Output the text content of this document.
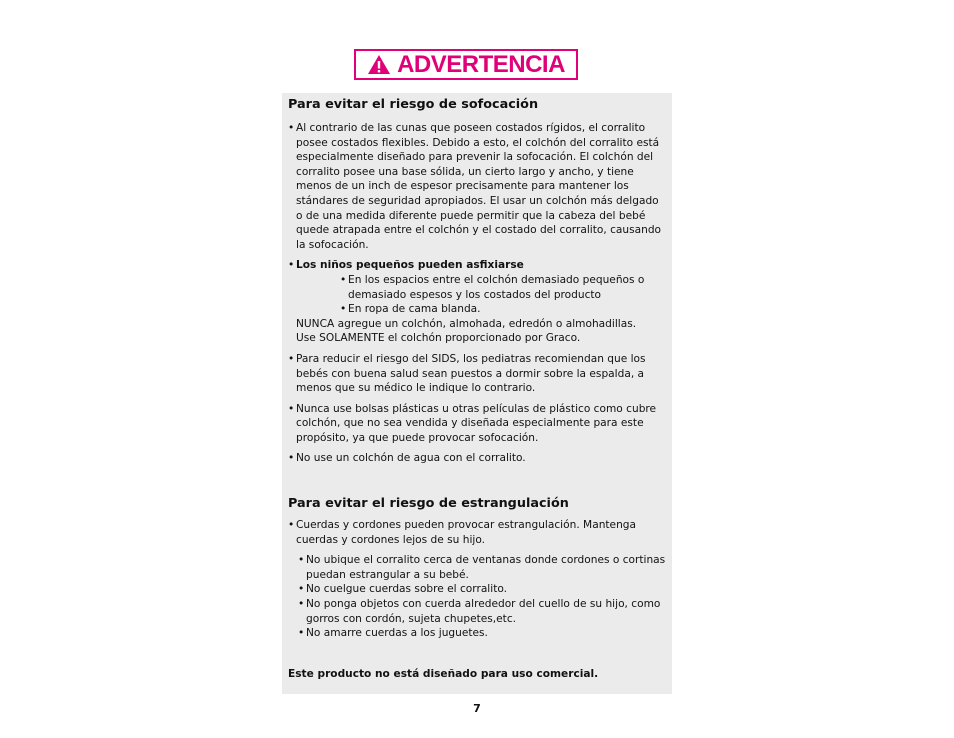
ADVERTENCIA
Para evitar el riesgo de sofocación

• Al contrario de las cunas que poseen costados rígidos, el corralito posee costados flexibles. Debido a esto, el colchón del corralito está especialmente diseñado para prevenir la sofocación. El colchón del corralito posee una base sólida, un cierto largo y ancho, y tiene menos de un inch de espesor precisamente para mantener los stándares de seguridad apropiados. El usar un colchón más delgado o de una medida diferente puede permitir que la cabeza del bebé quede atrapada entre el colchón y el costado del corralito, causando la sofocación.

• Los niños pequeños pueden asfixiarse

• En los espacios entre el colchón demasiado pequeños o demasiado espesos y los costados del producto

• En ropa de cama blanda.

NUNCA agregue un colchón, almohada, edredón o almohadillas.
Use SOLAMENTE el colchón proporcionado por Graco.

• Para reducir el riesgo del SIDS, los pediatras recomiendan que los bebés con buena salud sean puestos a dormir sobre la espalda, a menos que su médico le indique lo contrario.

• Nunca use bolsas plásticas u otras películas de plástico como cubre colchón, que no sea vendida y diseñada especialmente para este propósito, ya que puede provocar sofocación.

• No use un colchón de agua con el corralito.

Para evitar el riesgo de estrangulación

• Cuerdas y cordones pueden provocar estrangulación. Mantenga cuerdas y cordones lejos de su hijo.

• No ubique el corralito cerca de ventanas donde cordones o cortinas puedan estrangular a su bebé.

• No cuelgue cuerdas sobre el corralito.

• No ponga objetos con cuerda alrededor del cuello de su hijo, como gorros con cordón, sujeta chupetes,etc.

• No amarre cuerdas a los juguetes.

Este producto no está diseñado para uso comercial.
7
